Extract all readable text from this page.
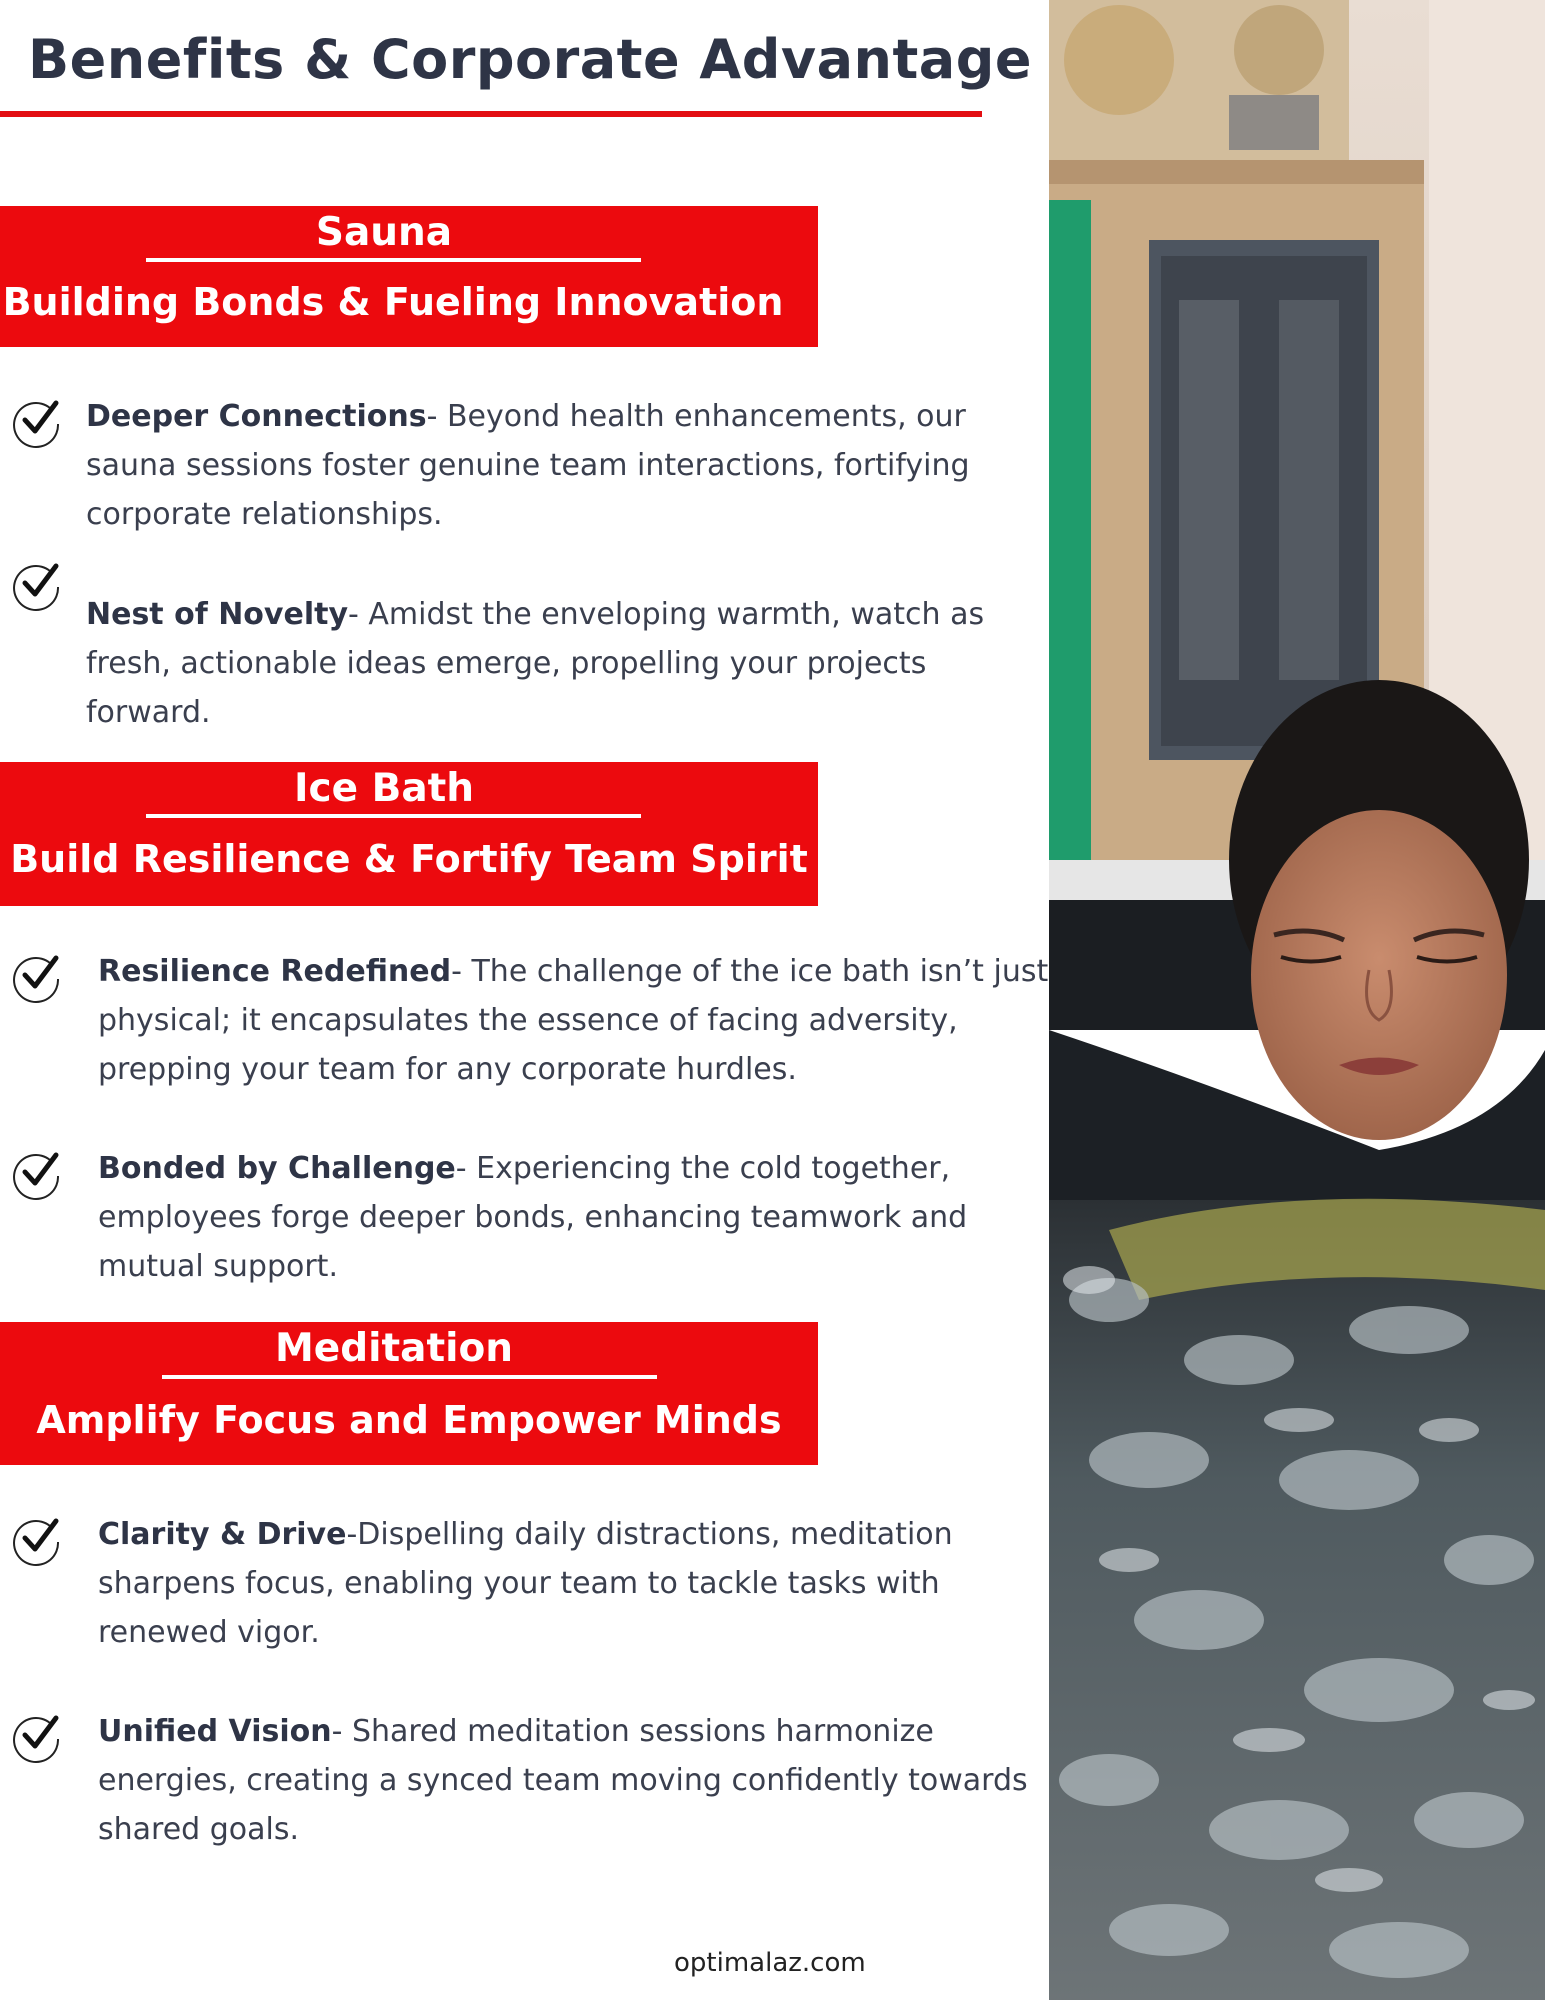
Benefits & Corporate Advantage
Sauna
Building Bonds & Fueling Innovation
Deeper Connections- Beyond health enhancements, our sauna sessions foster genuine team interactions, fortifying corporate relationships.
Nest of Novelty- Amidst the enveloping warmth, watch as fresh, actionable ideas emerge, propelling your projects forward.
Ice Bath
Build Resilience & Fortify Team Spirit
Resilience Redefined- The challenge of the ice bath isn’t just physical; it encapsulates the essence of facing adversity, prepping your team for any corporate hurdles.
Bonded by Challenge- Experiencing the cold together, employees forge deeper bonds, enhancing teamwork and mutual support.
Meditation
Amplify Focus and Empower Minds
Clarity & Drive-Dispelling daily distractions, meditation sharpens focus, enabling your team to tackle tasks with renewed vigor.
Unified Vision- Shared meditation sessions harmonize energies, creating a synced team moving confidently towards shared goals.
optimalaz.com
